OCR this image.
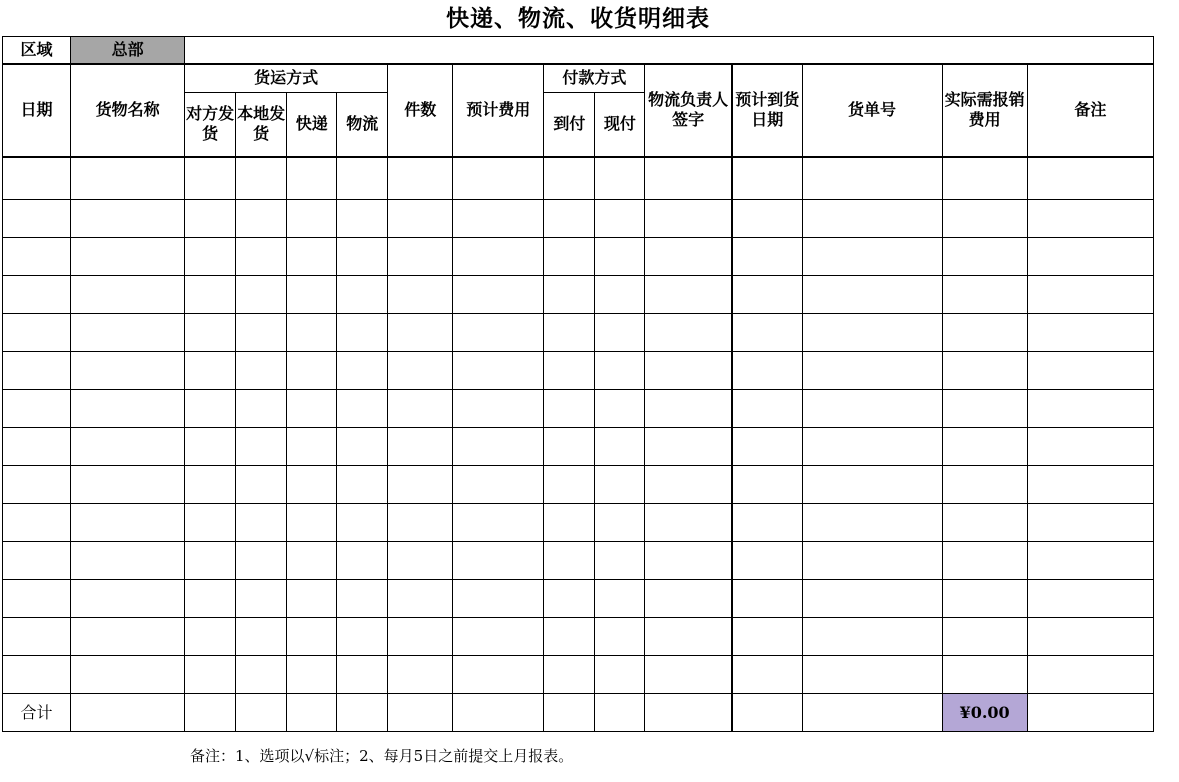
快递、物流、收货明细表
区域	总部													
日期	货物名称	货运方式				件数	预计费用	付款方式		物流负责人签字	预计到货日期	货单号	实际需报销费用	备注
		对方发货	本地发货	快递	物流			到付	现付					

合计													¥0.00	
备注：1、选项以√标注；2、每月5日之前提交上月报表。
